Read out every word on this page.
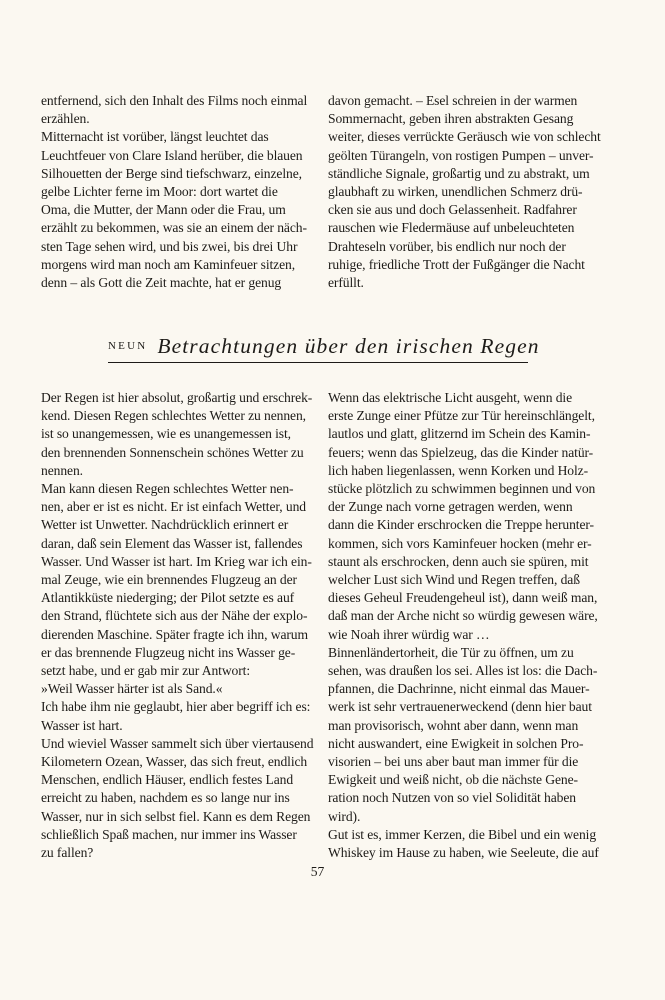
entfernend, sich den Inhalt des Films noch einmal

erzählen.

Mitternacht ist vorüber, längst leuchtet das

Leuchtfeuer von Clare Island herüber, die blauen

Silhouetten der Berge sind tiefschwarz, einzelne,

gelbe Lichter ferne im Moor: dort wartet die

Oma, die Mutter, der Mann oder die Frau, um

erzählt zu bekommen, was sie an einem der näch-

sten Tage sehen wird, und bis zwei, bis drei Uhr

morgens wird man noch am Kaminfeuer sitzen,

denn – als Gott die Zeit machte, hat er genug

davon gemacht. – Esel schreien in der warmen

Sommernacht, geben ihren abstrakten Gesang

weiter, dieses verrückte Geräusch wie von schlecht

geölten Türangeln, von rostigen Pumpen – unver-

ständliche Signale, großartig und zu abstrakt, um

glaubhaft zu wirken, unendlichen Schmerz drü-

cken sie aus und doch Gelassenheit. Radfahrer

rauschen wie Fledermäuse auf unbeleuchteten

Drahteseln vorüber, bis endlich nur noch der

ruhige, friedliche Trott der Fußgänger die Nacht

erfüllt.

$^{NEUN}$ Betrachtungen über den irischen Regen

Der Regen ist hier absolut, großartig und erschrek-

kend. Diesen Regen schlechtes Wetter zu nennen,

ist so unangemessen, wie es unangemessen ist,

den brennenden Sonnenschein schönes Wetter zu

nennen.

Man kann diesen Regen schlechtes Wetter nen-

nen, aber er ist es nicht. Er ist einfach Wetter, und

Wetter ist Unwetter. Nachdrücklich erinnert er

daran, daß sein Element das Wasser ist, fallendes

Wasser. Und Wasser ist hart. Im Krieg war ich ein-

mal Zeuge, wie ein brennendes Flugzeug an der

Atlantikküste niederging; der Pilot setzte es auf

den Strand, flüchtete sich aus der Nähe der explo-

dierenden Maschine. Später fragte ich ihn, warum

er das brennende Flugzeug nicht ins Wasser ge-

setzt habe, und er gab mir zur Antwort:

»Weil Wasser härter ist als Sand.«

Ich habe ihm nie geglaubt, hier aber begriff ich es:

Wasser ist hart.

Und wieviel Wasser sammelt sich über viertausend

Kilometern Ozean, Wasser, das sich freut, endlich

Menschen, endlich Häuser, endlich festes Land

erreicht zu haben, nachdem es so lange nur ins

Wasser, nur in sich selbst fiel. Kann es dem Regen

schließlich Spaß machen, nur immer ins Wasser

zu fallen?

Wenn das elektrische Licht ausgeht, wenn die

erste Zunge einer Pfütze zur Tür hereinschlängelt,

lautlos und glatt, glitzernd im Schein des Kamin-

feuers; wenn das Spielzeug, das die Kinder natür-

lich haben liegenlassen, wenn Korken und Holz-

stücke plötzlich zu schwimmen beginnen und von

der Zunge nach vorne getragen werden, wenn

dann die Kinder erschrocken die Treppe herunter-

kommen, sich vors Kaminfeuer hocken (mehr er-

staunt als erschrocken, denn auch sie spüren, mit

welcher Lust sich Wind und Regen treffen, daß

dieses Geheul Freudengeheul ist), dann weiß man,

daß man der Arche nicht so würdig gewesen wäre,

wie Noah ihrer würdig war …

Binnenländertorheit, die Tür zu öffnen, um zu

sehen, was draußen los sei. Alles ist los: die Dach-

pfannen, die Dachrinne, nicht einmal das Mauer-

werk ist sehr vertrauenerweckend (denn hier baut

man provisorisch, wohnt aber dann, wenn man

nicht auswandert, eine Ewigkeit in solchen Pro-

visorien – bei uns aber baut man immer für die

Ewigkeit und weiß nicht, ob die nächste Gene-

ration noch Nutzen von so viel Solidität haben

wird).

Gut ist es, immer Kerzen, die Bibel und ein wenig

Whiskey im Hause zu haben, wie Seeleute, die auf

57
